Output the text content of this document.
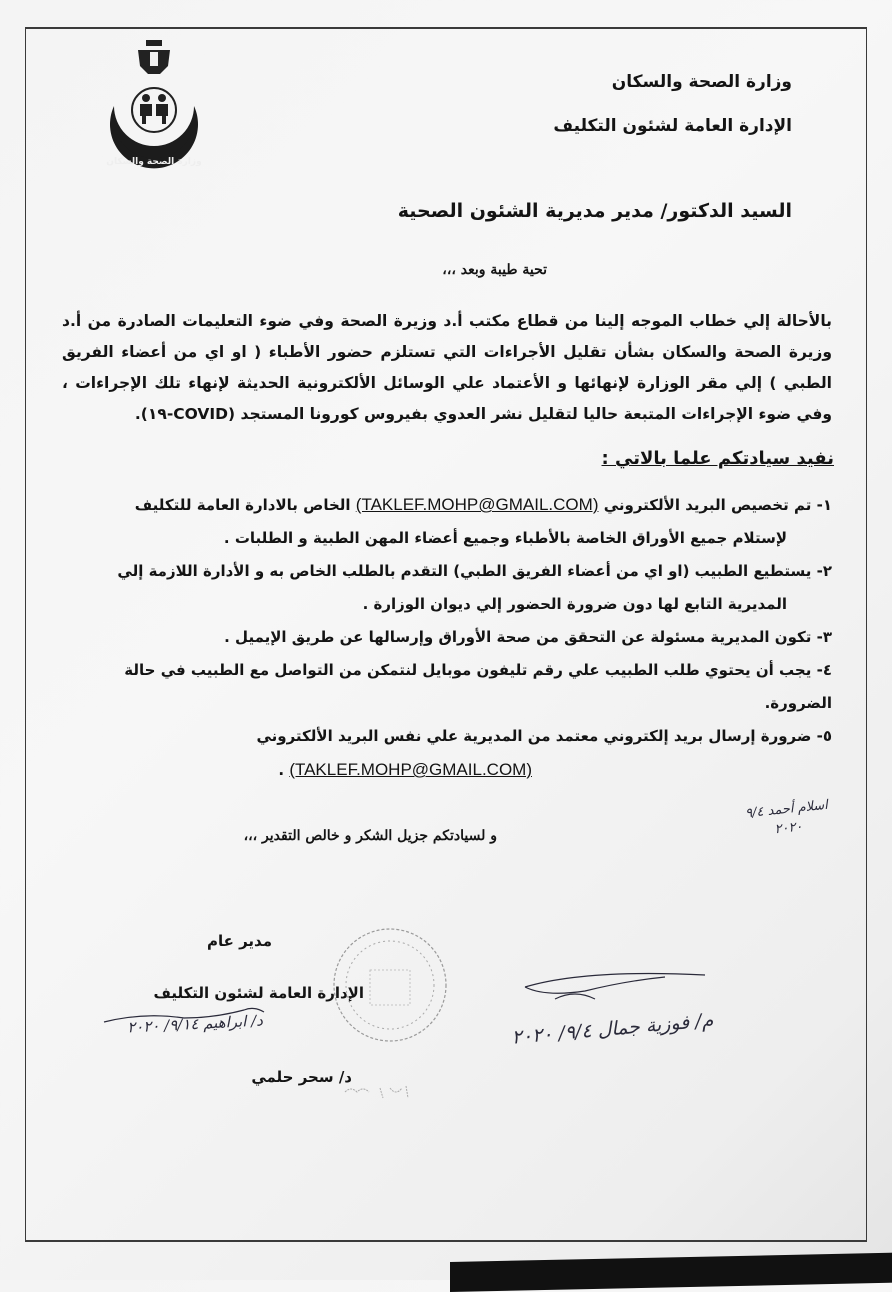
وزارة الصحة والسكان
وزارة الصحة والسكان
الإدارة العامة لشئون التكليف
السيد الدكتور/ مدير مديرية الشئون الصحية
تحية طيبة وبعد ،،،
بالأحالة إلي خطاب الموجه إلينا من قطاع مكتب أ.د وزيرة الصحة وفي ضوء التعليمات الصادرة من أ.د وزيرة الصحة والسكان بشأن تقليل الأجراءات التي تستلزم حضور الأطباء ( او اي من أعضاء الفريق الطبي ) إلي مقر الوزارة لإنهائها و الأعتماد علي الوسائل الألكترونية الحديثة لإنهاء تلك الإجراءات ، وفي ضوء الإجراءات المتبعة حاليا لتقليل نشر العدوي بفيروس كورونا المستجد (COVID-١٩).
نفيد سيادتكم علما بالاتي :
١- تم تخصيص البريد الألكتروني (TAKLEF.MOHP@GMAIL.COM) الخاص بالادارة العامة للتكليف
لإستلام جميع الأوراق الخاصة بالأطباء وجميع أعضاء المهن الطبية و الطلبات .
٢- يستطيع الطبيب (او اي من أعضاء الفريق الطبي) التقدم بالطلب الخاص به و الأدارة اللازمة إلي
المديرية التابع لها دون ضرورة الحضور إلي ديوان الوزارة .
٣- تكون المديرية مسئولة عن التحقق من صحة الأوراق وإرسالها عن طريق الإيميل .
٤- يجب أن يحتوي طلب الطبيب علي رقم تليفون موبايل لنتمكن من التواصل مع الطبيب في حالة الضرورة.
٥- ضرورة إرسال بريد إلكتروني معتمد من المديرية علي نفس البريد الألكتروني
(TAKLEF.MOHP@GMAIL.COM) .
اسلام أحمد ٩/٤ ٢٠٢٠
و لسيادتكم جزيل الشكر و خالص التقدير ،،،
د/ ابراهيم ٩/١٤/ ٢٠٢٠
م/ فوزية جمال ٩/٤/ ٢٠٢٠
مدير عام
الإدارة العامة لشئون التكليف
د/ سحر حلمي
